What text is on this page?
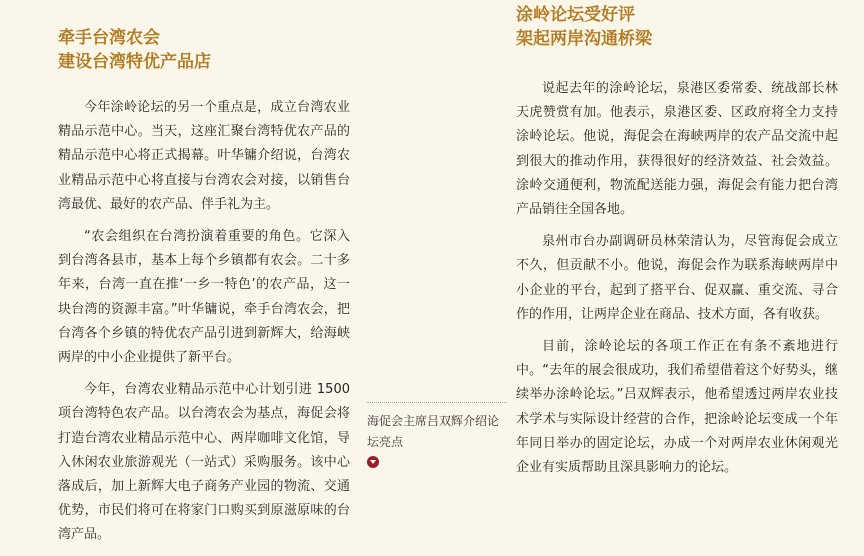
牵手台湾农会
建设台湾特优产品店

今年涂岭论坛的另一个重点是，成立台湾农业精品示范中心。当天，这座汇聚台湾特优农产品的精品示范中心将正式揭幕。叶华镛介绍说，台湾农业精品示范中心将直接与台湾农会对接，以销售台湾最优、最好的农产品、伴手礼为主。

“农会组织在台湾扮演着重要的角色。它深入到台湾各县市，基本上每个乡镇都有农会。二十多年来，台湾一直在推‘一乡一特色’的农产品，这一块台湾的资源丰富。”叶华镛说，牵手台湾农会，把台湾各个乡镇的特优农产品引进到新辉大，给海峡两岸的中小企业提供了新平台。

今年，台湾农业精品示范中心计划引进 1500 项台湾特色农产品。以台湾农会为基点，海促会将打造台湾农业精品示范中心、两岸咖啡文化馆，导入休闲农业旅游观光（一站式）采购服务。该中心落成后，加上新辉大电子商务产业园的物流、交通优势，市民们将可在将家门口购买到原滋原味的台湾产品。

海促会主席吕双辉介绍论坛亮点
涂岭论坛受好评
架起两岸沟通桥梁

说起去年的涂岭论坛，泉港区委常委、统战部长林天虎赞赏有加。他表示，泉港区委、区政府将全力支持涂岭论坛。他说，海促会在海峡两岸的农产品交流中起到很大的推动作用，获得很好的经济效益、社会效益。涂岭交通便利，物流配送能力强，海促会有能力把台湾产品销往全国各地。

泉州市台办副调研员林荣清认为，尽管海促会成立不久，但贡献不小。他说，海促会作为联系海峡两岸中小企业的平台，起到了搭平台、促双赢、重交流、寻合作的作用，让两岸企业在商品、技术方面，各有收获。

目前，涂岭论坛的各项工作正在有条不紊地进行中。“去年的展会很成功，我们希望借着这个好势头，继续举办涂岭论坛。”吕双辉表示，他希望透过两岸农业技术学术与实际设计经营的合作，把涂岭论坛变成一个年年同日举办的固定论坛，办成一个对两岸农业休闲观光企业有实质帮助且深具影响力的论坛。
